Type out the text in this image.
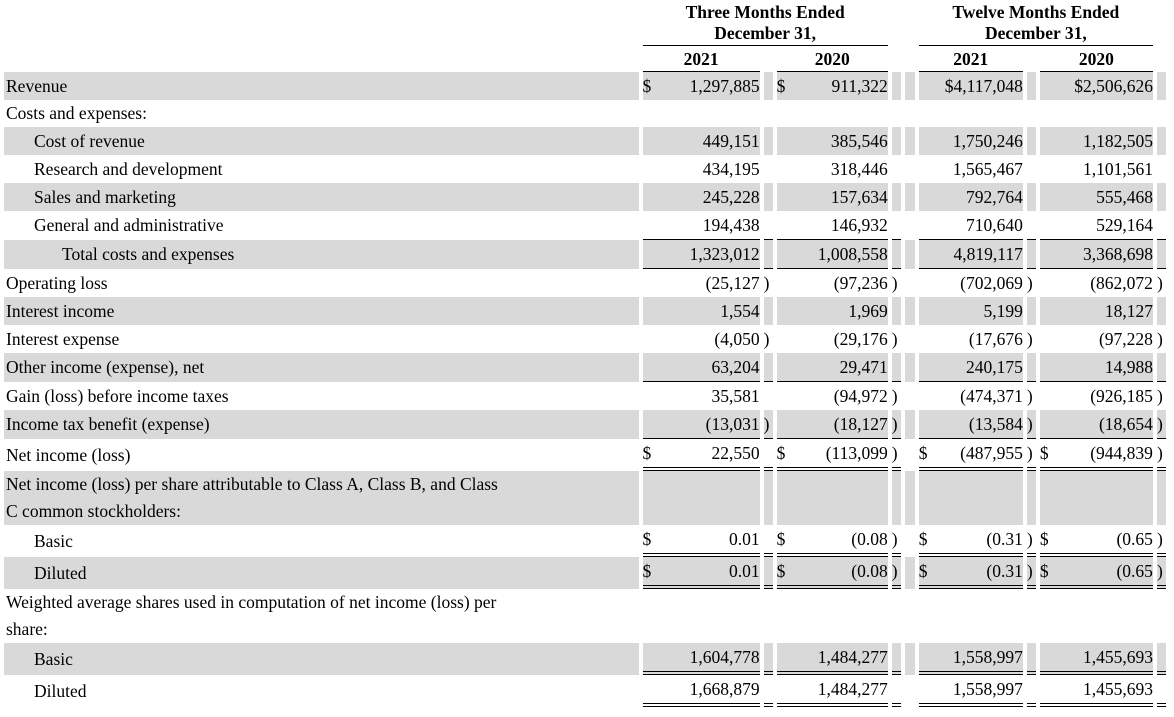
Three Months Ended
December 31,

Twelve Months Ended
December 31,

	2021		2020			2021		2020	
Revenue	$ 1,297,885		$ 911,322			$4,117,048		$2,506,626	

Costs and expenses:									
Cost of revenue	449,151		385,546			1,750,246		1,182,505	

Research and development	434,195		318,446			1,565,467		1,101,561	

Sales and marketing	245,228		157,634			792,764		555,468	

General and administrative	194,438		146,932			710,640		529,164	

Total costs and expenses	1,323,012		1,008,558			4,819,117		3,368,698	

Operating loss	(25,127	)	(97,236	)		(702,069	)	(862,072	)
Interest income	1,554		1,969			5,199		18,127	

Interest expense	(4,050	)	(29,176	)		(17,676	)	(97,228	)
Other income (expense), net	63,204		29,471			240,175		14,988	

Gain (loss) before income taxes	35,581		(94,972	)		(474,371	)	(926,185	)
Income tax benefit (expense)	(13,031	)	(18,127	)		(13,584	)	(18,654	)
Net income (loss)	$ 22,550		$ (113,099	)		$ (487,955	)	$ (944,839	)

Net income (loss) per share attributable to Class A, Class B, and Class
C common stockholders:									

Basic	$ 0.01		$ (0.08	)		$ (0.31	)	$ (0.65	)
Diluted	$ 0.01		$ (0.08	)		$ (0.31	)	$ (0.65	)

Weighted average shares used in computation of net income (loss) per
share:									

Basic	1,604,778		1,484,277			1,558,997		1,455,693	

Diluted	1,668,879		1,484,277			1,558,997		1,455,693	
